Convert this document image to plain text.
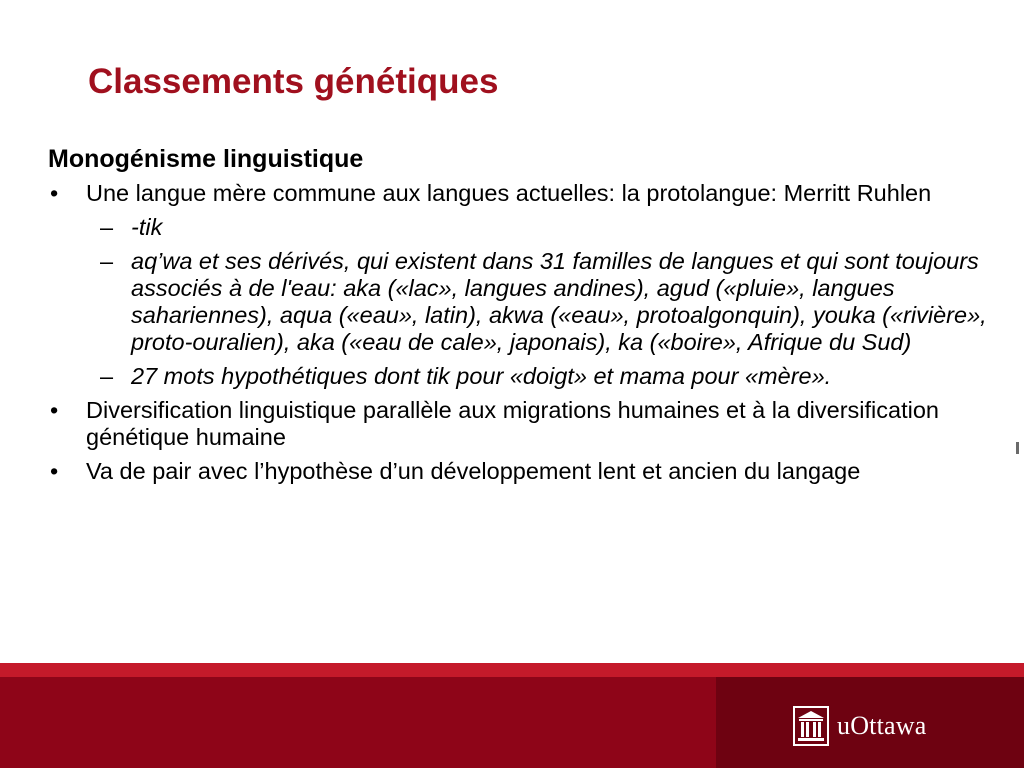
Classements génétiques
Monogénisme linguistique
• Une langue mère commune aux langues actuelles: la protolangue: Merritt Ruhlen
– -tik
– aq’wa et ses dérivés, qui existent dans 31 familles de langues et qui sont toujours associés à de l'eau: aka («lac», langues andines), agud («pluie», langues sahariennes), aqua («eau», latin), akwa («eau», protoalgonquin), youka («rivière», proto-ouralien), aka («eau de cale», japonais), ka («boire», Afrique du Sud)
– 27 mots hypothétiques dont tik pour «doigt» et mama pour «mère».
• Diversification linguistique parallèle aux migrations humaines et à la diversification génétique humaine
• Va de pair avec l’hypothèse d’un développement lent et ancien du langage
uOttawa
